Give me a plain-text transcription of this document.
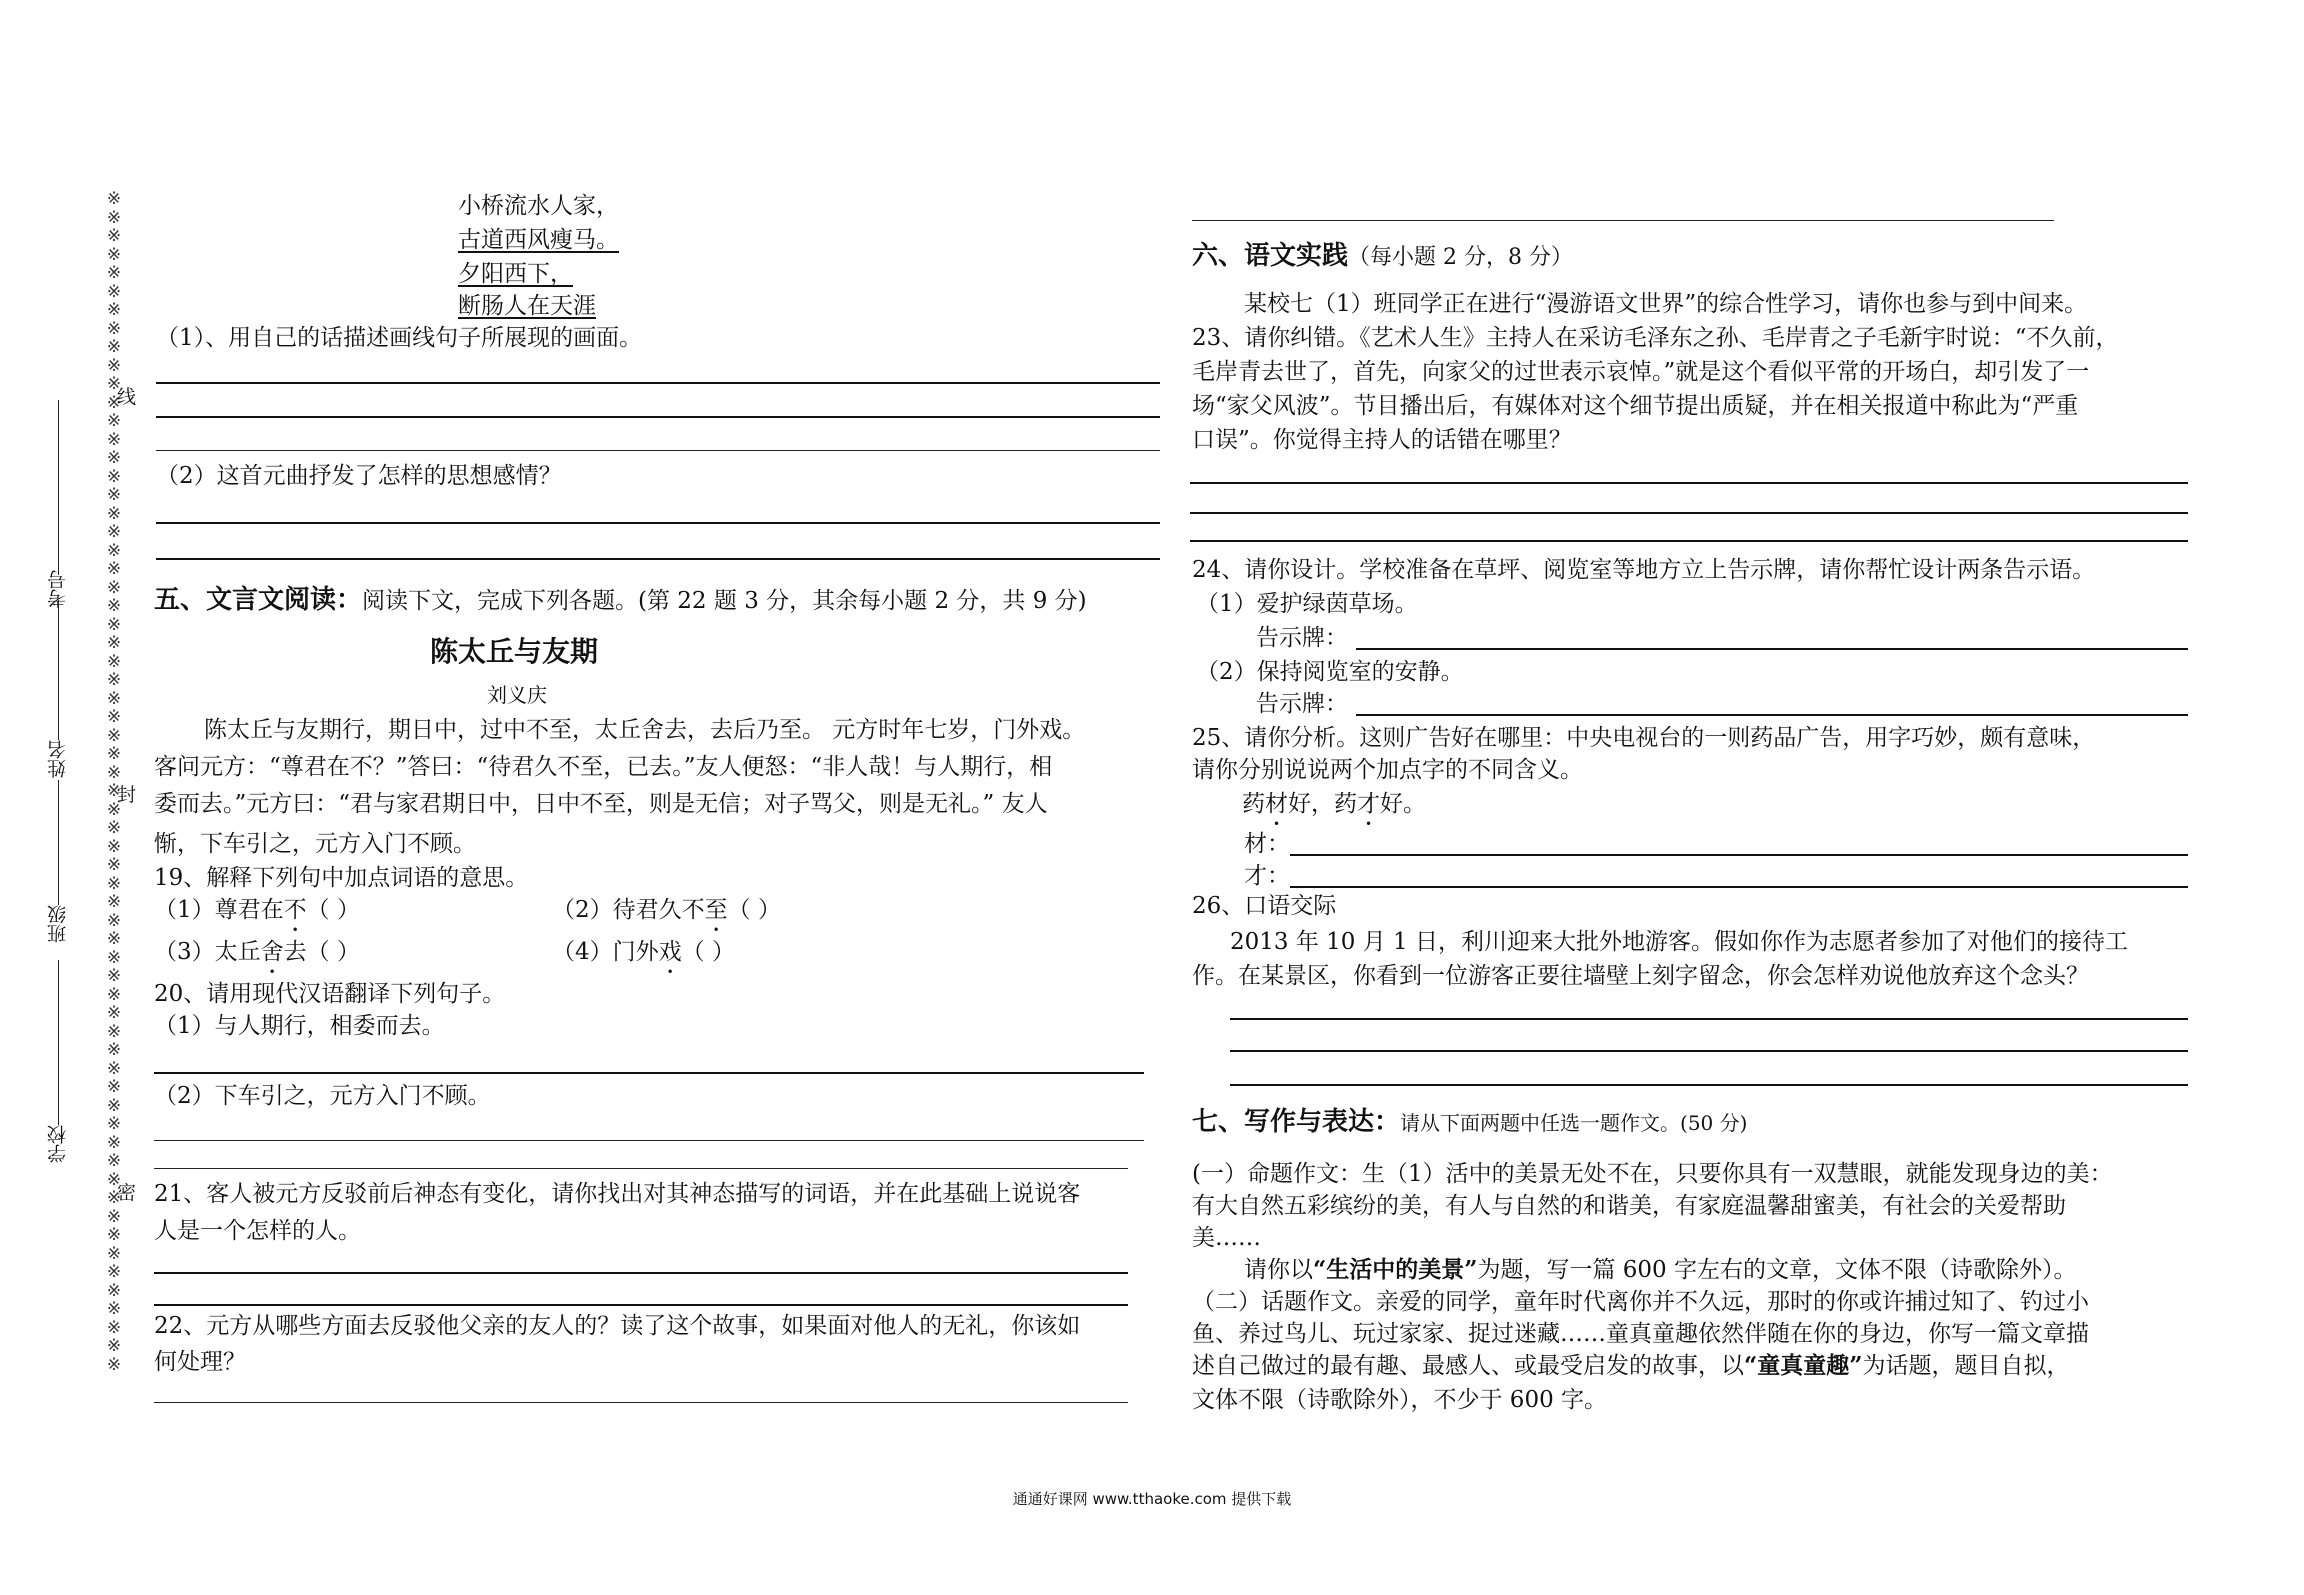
※※※※※※※※※※※※※※※※※※※※※※※※※※※※※※※※※※※※※※※※※※※※※※※※※※※※※※※※※※※※※※※※
线
封
密
考号
姓名
班级
学校
小桥流水人家，
古道西风瘦马。
夕阳西下，
断肠人在天涯
（1）、用自己的话描述画线句子所展现的画面。
（2）这首元曲抒发了怎样的思想感情？
五、文言文阅读：阅读下文，完成下列各题。(第 22 题 3 分，其余每小题 2 分，共 9 分)
陈太丘与友期
刘义庆
陈太丘与友期行，期日中，过中不至，太丘舍去，去后乃至。 元方时年七岁，门外戏。
客问元方：“尊君在不？”答曰：“待君久不至，已去。”友人便怒：“非人哉！与人期行，相
委而去。”元方曰：“君与家君期日中，日中不至，则是无信；对子骂父，则是无礼。” 友人
惭，下车引之，元方入门不顾。
19、解释下列句中加点词语的意思。
（1）尊君在不（ ）	（2）待君久不至（ ）
（3）太丘舍去（ ）	（4）门外戏（ ）
20、请用现代汉语翻译下列句子。
（1）与人期行，相委而去。
（2）下车引之，元方入门不顾。
21、客人被元方反驳前后神态有变化，请你找出对其神态描写的词语，并在此基础上说说客
人是一个怎样的人。
22、元方从哪些方面去反驳他父亲的友人的？读了这个故事，如果面对他人的无礼，你该如
何处理？
六、语文实践（每小题 2 分，8 分）
某校七（1）班同学正在进行“漫游语文世界”的综合性学习，请你也参与到中间来。
23、请你纠错。《艺术人生》主持人在采访毛泽东之孙、毛岸青之子毛新宇时说：“不久前，
毛岸青去世了，首先，向家父的过世表示哀悼。”就是这个看似平常的开场白，却引发了一
场“家父风波”。节目播出后，有媒体对这个细节提出质疑，并在相关报道中称此为“严重
口误”。你觉得主持人的话错在哪里？
24、请你设计。学校准备在草坪、阅览室等地方立上告示牌，请你帮忙设计两条告示语。
（1）爱护绿茵草场。
告示牌：
（2）保持阅览室的安静。
告示牌：
25、请你分析。这则广告好在哪里：中央电视台的一则药品广告，用字巧妙，颇有意味，
请你分别说说两个加点字的不同含义。
药材好，药才好。
材：
才：
26、口语交际
2013 年 10 月 1 日，利川迎来大批外地游客。假如你作为志愿者参加了对他们的接待工
作。在某景区，你看到一位游客正要往墙壁上刻字留念，你会怎样劝说他放弃这个念头？
七、写作与表达：请从下面两题中任选一题作文。(50 分)
(一）命题作文：生（1）活中的美景无处不在，只要你具有一双慧眼，就能发现身边的美：
有大自然五彩缤纷的美，有人与自然的和谐美，有家庭温馨甜蜜美，有社会的关爱帮助
美……
请你以“生活中的美景”为题，写一篇 600 字左右的文章，文体不限（诗歌除外）。
（二）话题作文。亲爱的同学，童年时代离你并不久远，那时的你或许捕过知了、钓过小
鱼、养过鸟儿、玩过家家、捉过迷藏……童真童趣依然伴随在你的身边，你写一篇文章描
述自己做过的最有趣、最感人、或最受启发的故事，以“童真童趣”为话题，题目自拟，
文体不限（诗歌除外），不少于 600 字。
通通好课网 www.tthaoke.com 提供下载
